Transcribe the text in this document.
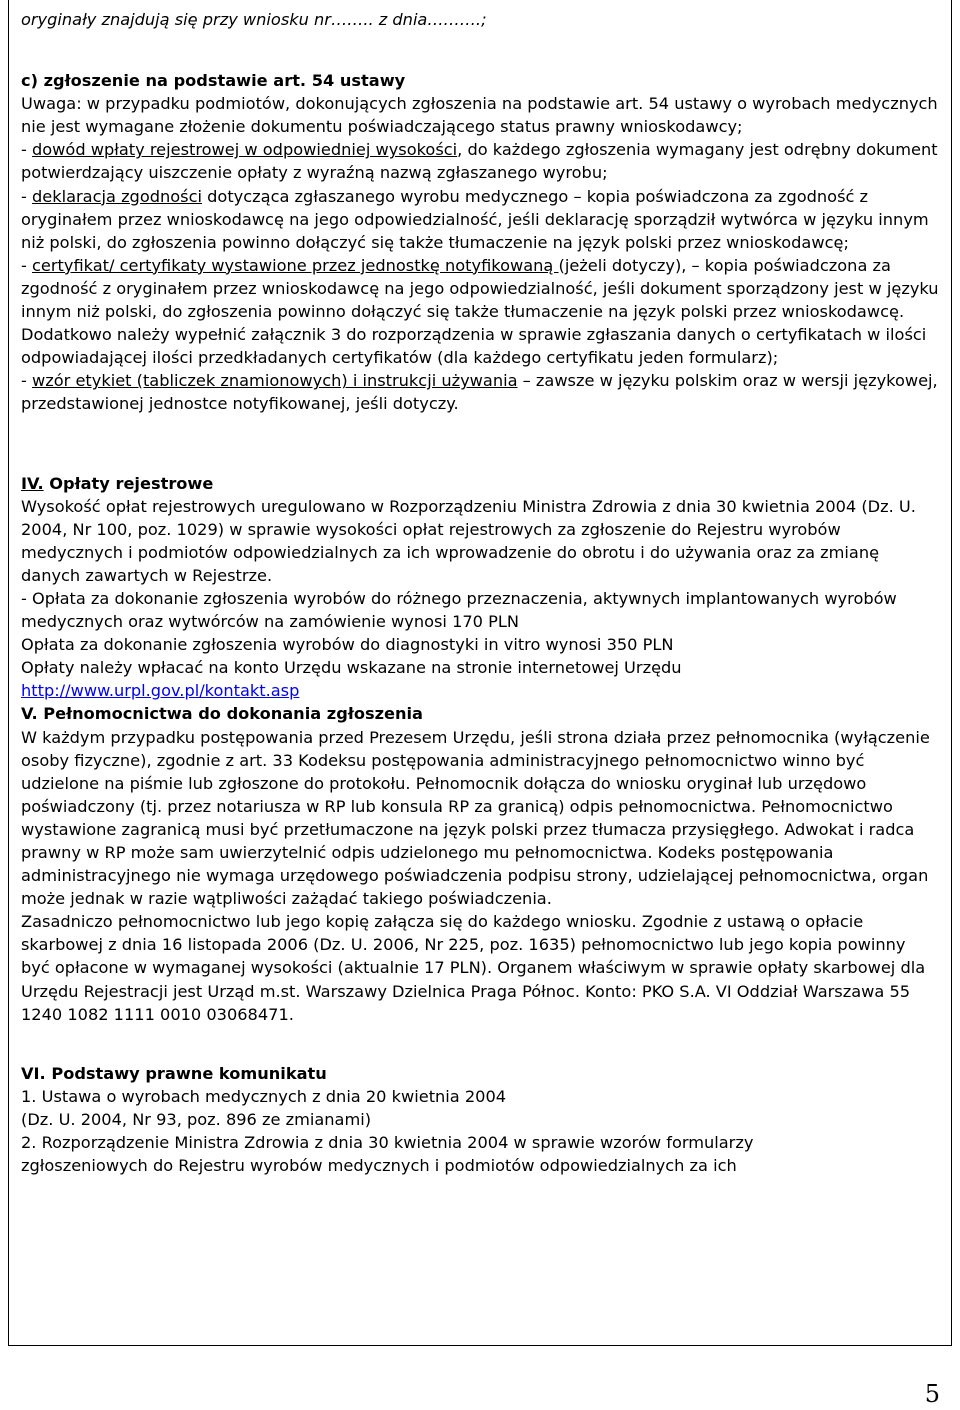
oryginały znajdują się przy wniosku nr…….. z dnia……….;

c) zgłoszenie na podstawie art. 54 ustawy

Uwaga: w przypadku podmiotów, dokonujących zgłoszenia na podstawie art. 54 ustawy o wyrobach medycznych nie jest wymagane złożenie dokumentu poświadczającego status prawny wnioskodawcy;

- dowód wpłaty rejestrowej w odpowiedniej wysokości, do każdego zgłoszenia wymagany jest odrębny dokument potwierdzający uiszczenie opłaty z wyraźną nazwą zgłaszanego wyrobu;

- deklaracja zgodności dotycząca zgłaszanego wyrobu medycznego – kopia poświadczona za zgodność z oryginałem przez wnioskodawcę na jego odpowiedzialność, jeśli deklarację sporządził wytwórca w języku innym niż polski, do zgłoszenia powinno dołączyć się także tłumaczenie na język polski przez wnioskodawcę;

- certyfikat/ certyfikaty wystawione przez jednostkę notyfikowaną (jeżeli dotyczy), – kopia poświadczona za zgodność z oryginałem przez wnioskodawcę na jego odpowiedzialność, jeśli dokument sporządzony jest w języku innym niż polski, do zgłoszenia powinno dołączyć się także tłumaczenie na język polski przez wnioskodawcę. Dodatkowo należy wypełnić załącznik 3 do rozporządzenia w sprawie zgłaszania danych o certyfikatach w ilości odpowiadającej ilości przedkładanych certyfikatów (dla każdego certyfikatu jeden formularz);

- wzór etykiet (tabliczek znamionowych) i instrukcji używania – zawsze w języku polskim oraz w wersji językowej, przedstawionej jednostce notyfikowanej, jeśli dotyczy.

IV. Opłaty rejestrowe

Wysokość opłat rejestrowych uregulowano w Rozporządzeniu Ministra Zdrowia z dnia 30 kwietnia 2004 (Dz. U. 2004, Nr 100, poz. 1029) w sprawie wysokości opłat rejestrowych za zgłoszenie do Rejestru wyrobów medycznych i podmiotów odpowiedzialnych za ich wprowadzenie do obrotu i do używania oraz za zmianę danych zawartych w Rejestrze.

- Opłata za dokonanie zgłoszenia wyrobów do różnego przeznaczenia, aktywnych implantowanych wyrobów medycznych oraz wytwórców na zamówienie wynosi 170 PLN

Opłata za dokonanie zgłoszenia wyrobów do diagnostyki in vitro wynosi 350 PLN

Opłaty należy wpłacać na konto Urzędu wskazane na stronie internetowej Urzędu

http://www.urpl.gov.pl/kontakt.asp

V. Pełnomocnictwa do dokonania zgłoszenia

W każdym przypadku postępowania przed Prezesem Urzędu, jeśli strona działa przez pełnomocnika (wyłączenie osoby fizyczne), zgodnie z art. 33 Kodeksu postępowania administracyjnego pełnomocnictwo winno być udzielone na piśmie lub zgłoszone do protokołu. Pełnomocnik dołącza do wniosku oryginał lub urzędowo poświadczony (tj. przez notariusza w RP lub konsula RP za granicą) odpis pełnomocnictwa. Pełnomocnictwo wystawione zagranicą musi być przetłumaczone na język polski przez tłumacza przysięgłego. Adwokat i radca prawny w RP może sam uwierzytelnić odpis udzielonego mu pełnomocnictwa. Kodeks postępowania administracyjnego nie wymaga urzędowego poświadczenia podpisu strony, udzielającej pełnomocnictwa, organ może jednak w razie wątpliwości zażądać takiego poświadczenia.

Zasadniczo pełnomocnictwo lub jego kopię załącza się do każdego wniosku. Zgodnie z ustawą o opłacie skarbowej z dnia 16 listopada 2006 (Dz. U. 2006, Nr 225, poz. 1635) pełnomocnictwo lub jego kopia powinny być opłacone w wymaganej wysokości (aktualnie 17 PLN). Organem właściwym w sprawie opłaty skarbowej dla Urzędu Rejestracji jest Urząd m.st. Warszawy Dzielnica Praga Północ. Konto: PKO S.A. VI Oddział Warszawa 55 1240 1082 1111 0010 03068471.

VI. Podstawy prawne komunikatu

1. Ustawa o wyrobach medycznych z dnia 20 kwietnia 2004

(Dz. U. 2004, Nr 93, poz. 896 ze zmianami)

2. Rozporządzenie Ministra Zdrowia z dnia 30 kwietnia 2004 w sprawie wzorów formularzy

zgłoszeniowych do Rejestru wyrobów medycznych i podmiotów odpowiedzialnych za ich

5
